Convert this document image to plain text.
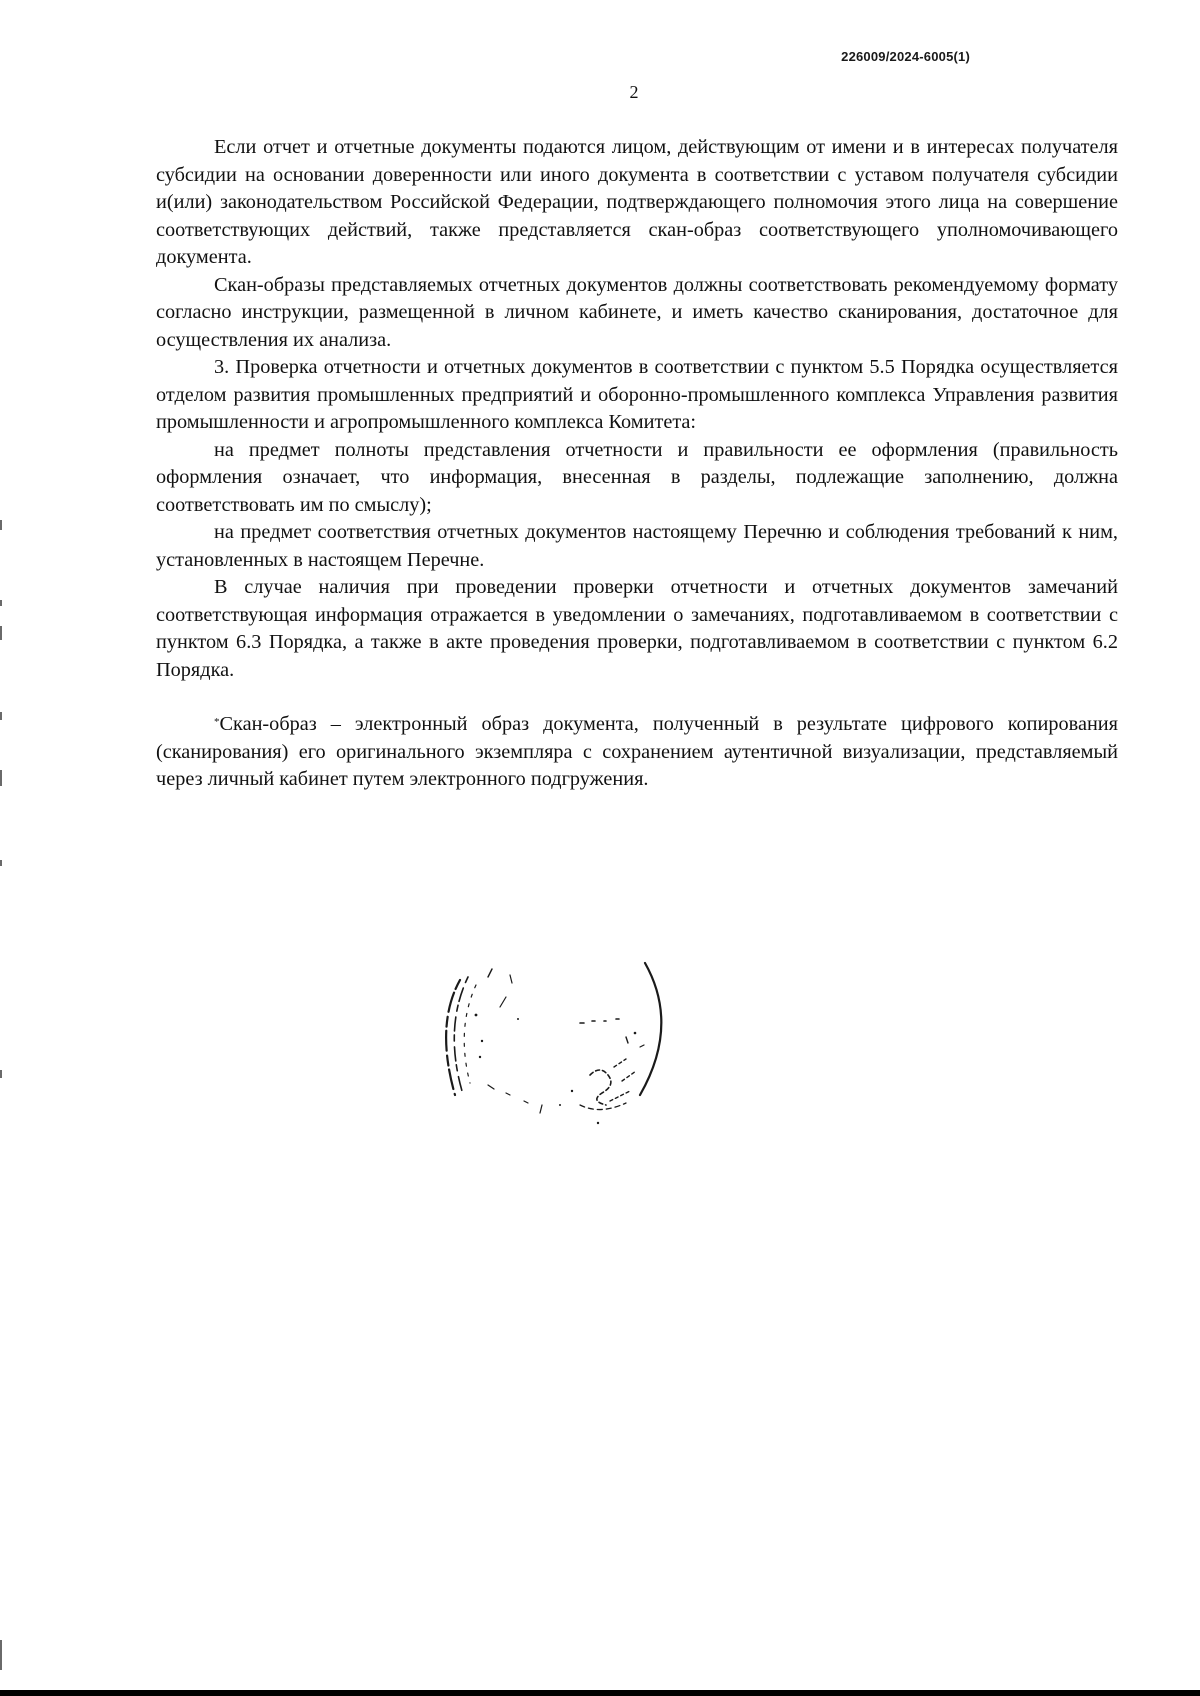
226009/2024-6005(1)
2

Если отчет и отчетные документы подаются лицом, действующим от имени и в интересах получателя субсидии на основании доверенности или иного документа в соответствии с уставом получателя субсидии и(или) законодательством Российской Федерации, подтверждающего полномочия этого лица на совершение соответствующих действий, также представляется скан-образ соответствующего уполномочивающего документа.

Скан-образы представляемых отчетных документов должны соответствовать рекомендуемому формату согласно инструкции, размещенной в личном кабинете, и иметь качество сканирования, достаточное для осуществления их анализа.

3. Проверка отчетности и отчетных документов в соответствии с пунктом 5.5 Порядка осуществляется отделом развития промышленных предприятий и оборонно-промышленного комплекса Управления развития промышленности и агропромышленного комплекса Комитета:

на предмет полноты представления отчетности и правильности ее оформления (правильность оформления означает, что информация, внесенная в разделы, подлежащие заполнению, должна соответствовать им по смыслу);

на предмет соответствия отчетных документов настоящему Перечню и соблюдения требований к ним, установленных в настоящем Перечне.

В случае наличия при проведении проверки отчетности и отчетных документов замечаний соответствующая информация отражается в уведомлении о замечаниях, подготавливаемом в соответствии с пунктом 6.3 Порядка, а также в акте проведения проверки, подготавливаемом в соответствии с пунктом 6.2 Порядка.

*Скан-образ – электронный образ документа, полученный в результате цифрового копирования (сканирования) его оригинального экземпляра с сохранением аутентичной визуализации, представляемый через личный кабинет путем электронного подгружения.
